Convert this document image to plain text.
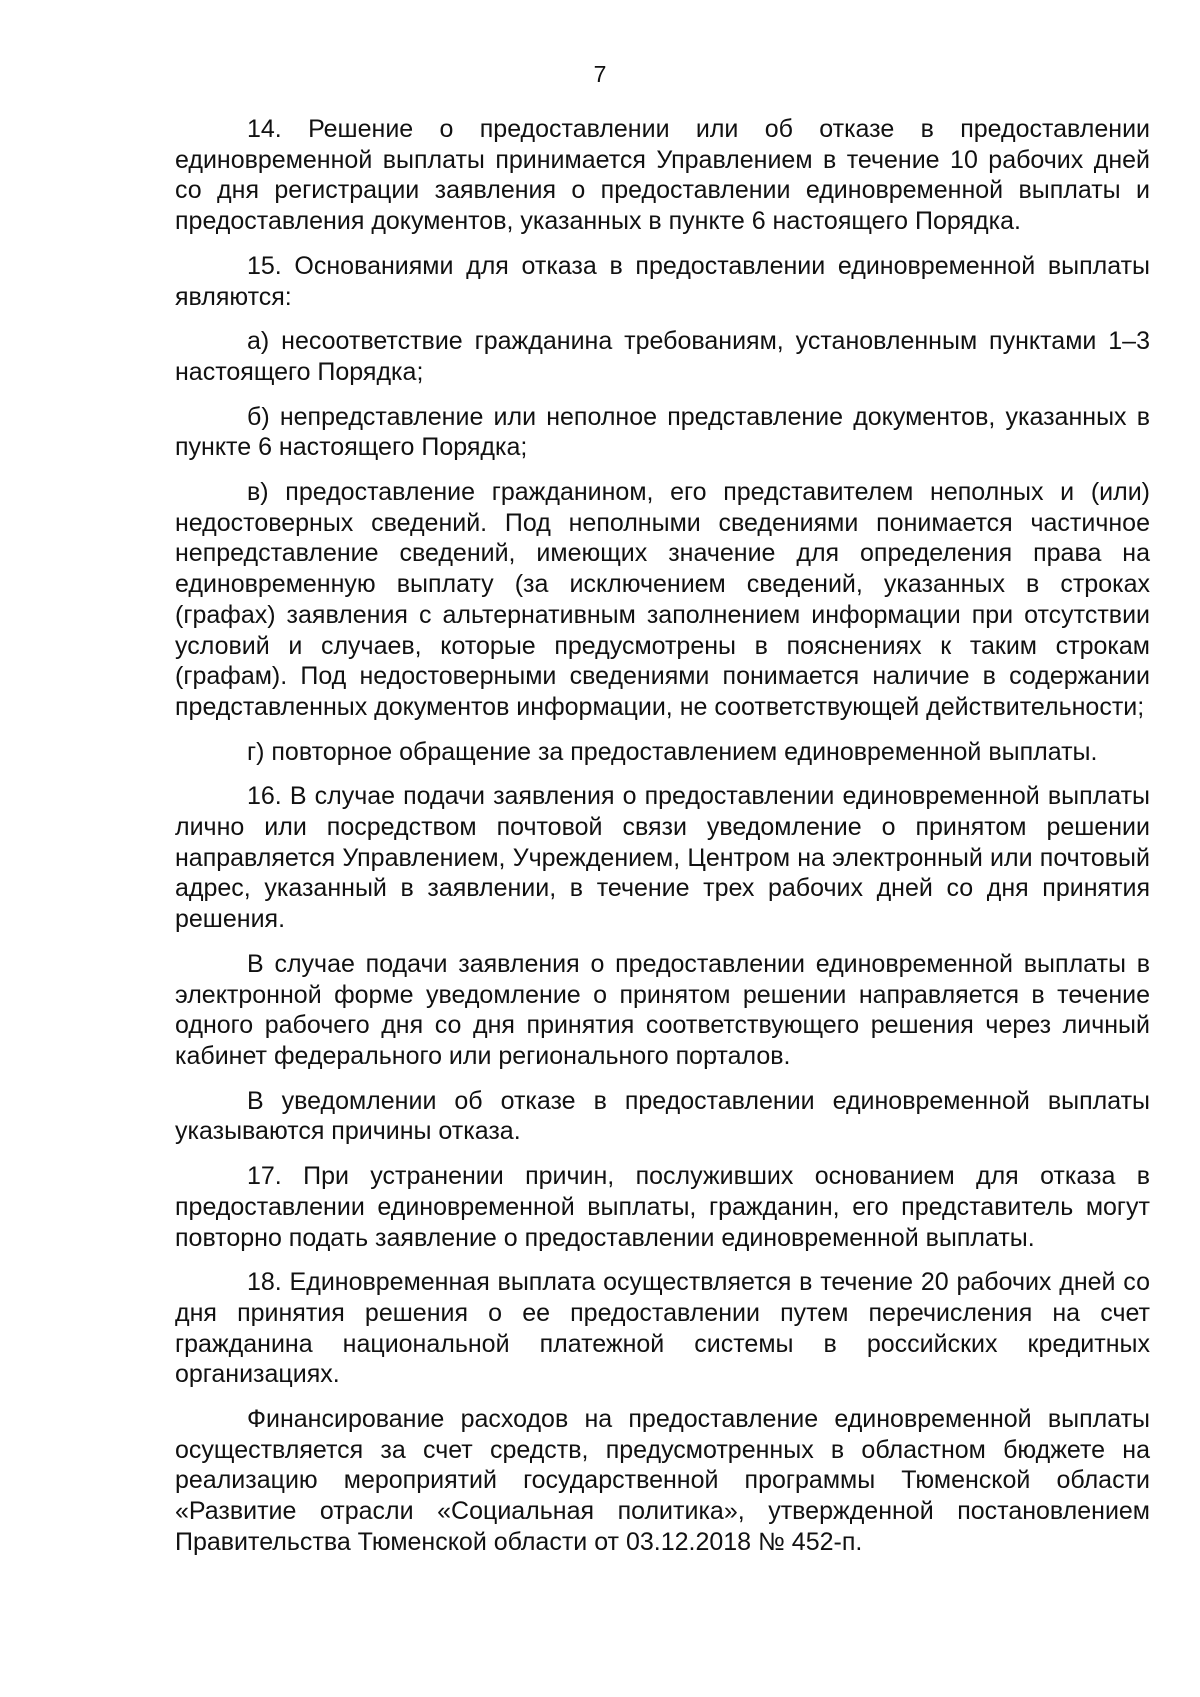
7

14. Решение о предоставлении или об отказе в предоставлении единовременной выплаты принимается Управлением в течение 10 рабочих дней со дня регистрации заявления о предоставлении единовременной выплаты и предоставления документов, указанных в пункте 6 настоящего Порядка.

15. Основаниями для отказа в предоставлении единовременной выплаты являются:

а) несоответствие гражданина требованиям, установленным пунктами 1–3 настоящего Порядка;

б) непредставление или неполное представление документов, указанных в пункте 6 настоящего Порядка;

в) предоставление гражданином, его представителем неполных и (или) недостоверных сведений. Под неполными сведениями понимается частичное непредставление сведений, имеющих значение для определения права на единовременную выплату (за исключением сведений, указанных в строках (графах) заявления с альтернативным заполнением информации при отсутствии условий и случаев, которые предусмотрены в пояснениях к таким строкам (графам). Под недостоверными сведениями понимается наличие в содержании представленных документов информации, не соответствующей действительности;

г) повторное обращение за предоставлением единовременной выплаты.

16. В случае подачи заявления о предоставлении единовременной выплаты лично или посредством почтовой связи уведомление о принятом решении направляется Управлением, Учреждением, Центром на электронный или почтовый адрес, указанный в заявлении, в течение трех рабочих дней со дня принятия решения.

В случае подачи заявления о предоставлении единовременной выплаты в электронной форме уведомление о принятом решении направляется в течение одного рабочего дня со дня принятия соответствующего решения через личный кабинет федерального или регионального порталов.

В уведомлении об отказе в предоставлении единовременной выплаты указываются причины отказа.

17. При устранении причин, послуживших основанием для отказа в предоставлении единовременной выплаты, гражданин, его представитель могут повторно подать заявление о предоставлении единовременной выплаты.

18. Единовременная выплата осуществляется в течение 20 рабочих дней со дня принятия решения о ее предоставлении путем перечисления на счет гражданина национальной платежной системы в российских кредитных организациях.

Финансирование расходов на предоставление единовременной выплаты осуществляется за счет средств, предусмотренных в областном бюджете на реализацию мероприятий государственной программы Тюменской области «Развитие отрасли «Социальная политика», утвержденной постановлением Правительства Тюменской области от 03.12.2018 № 452-п.
